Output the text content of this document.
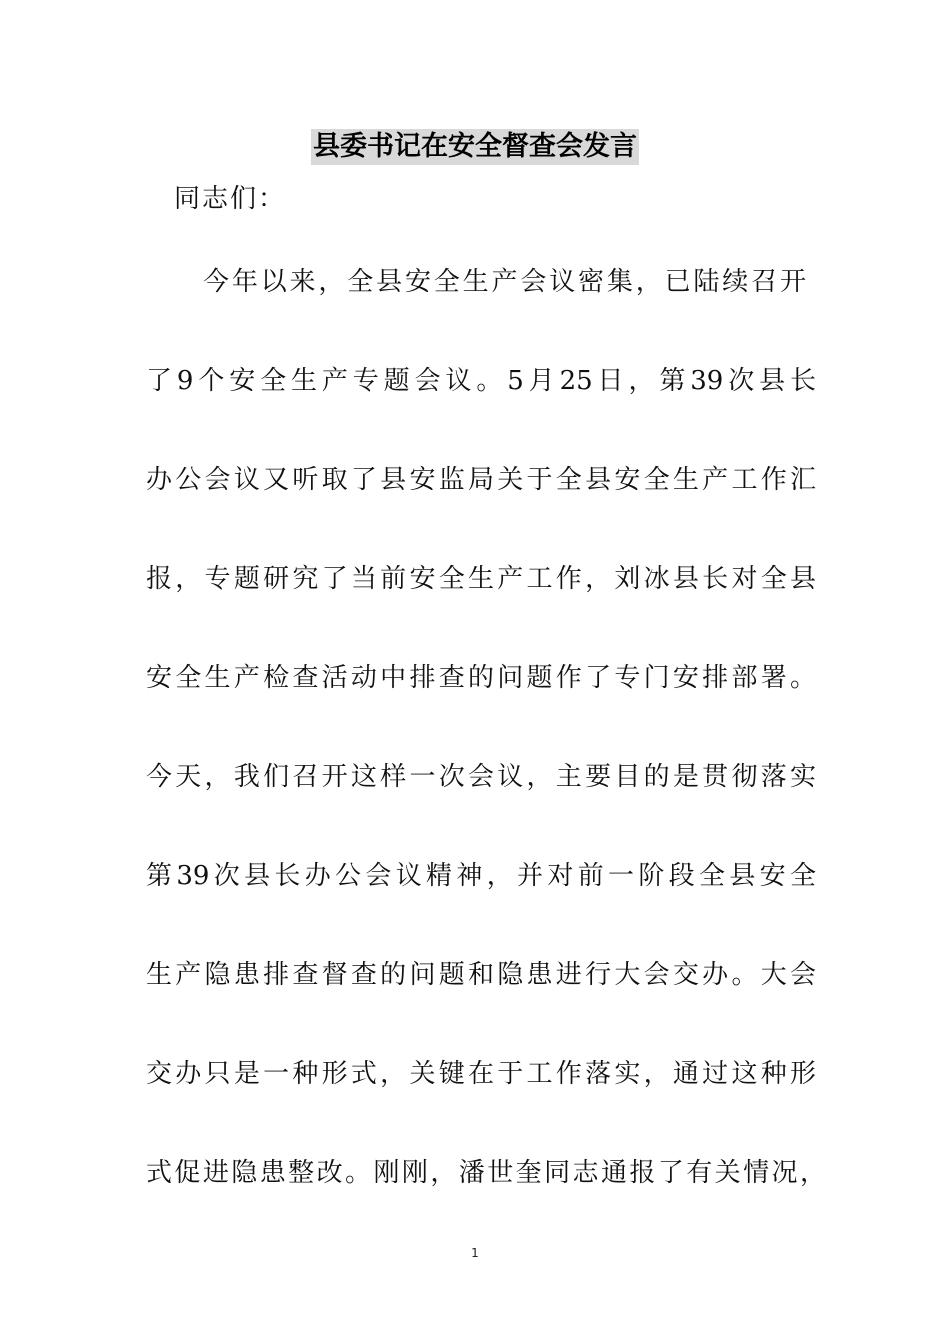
县委书记在安全督查会发言
同志们：
今年以来，全县安全生产会议密集，已陆续召开
了9个安全生产专题会议。5月25日，第39次县长
办公会议又听取了县安监局关于全县安全生产工作汇
报，专题研究了当前安全生产工作，刘冰县长对全县
安全生产检查活动中排查的问题作了专门安排部署。
今天，我们召开这样一次会议，主要目的是贯彻落实
第39次县长办公会议精神，并对前一阶段全县安全
生产隐患排查督查的问题和隐患进行大会交办。大会
交办只是一种形式，关键在于工作落实，通过这种形
式促进隐患整改。刚刚，潘世奎同志通报了有关情况，
1
